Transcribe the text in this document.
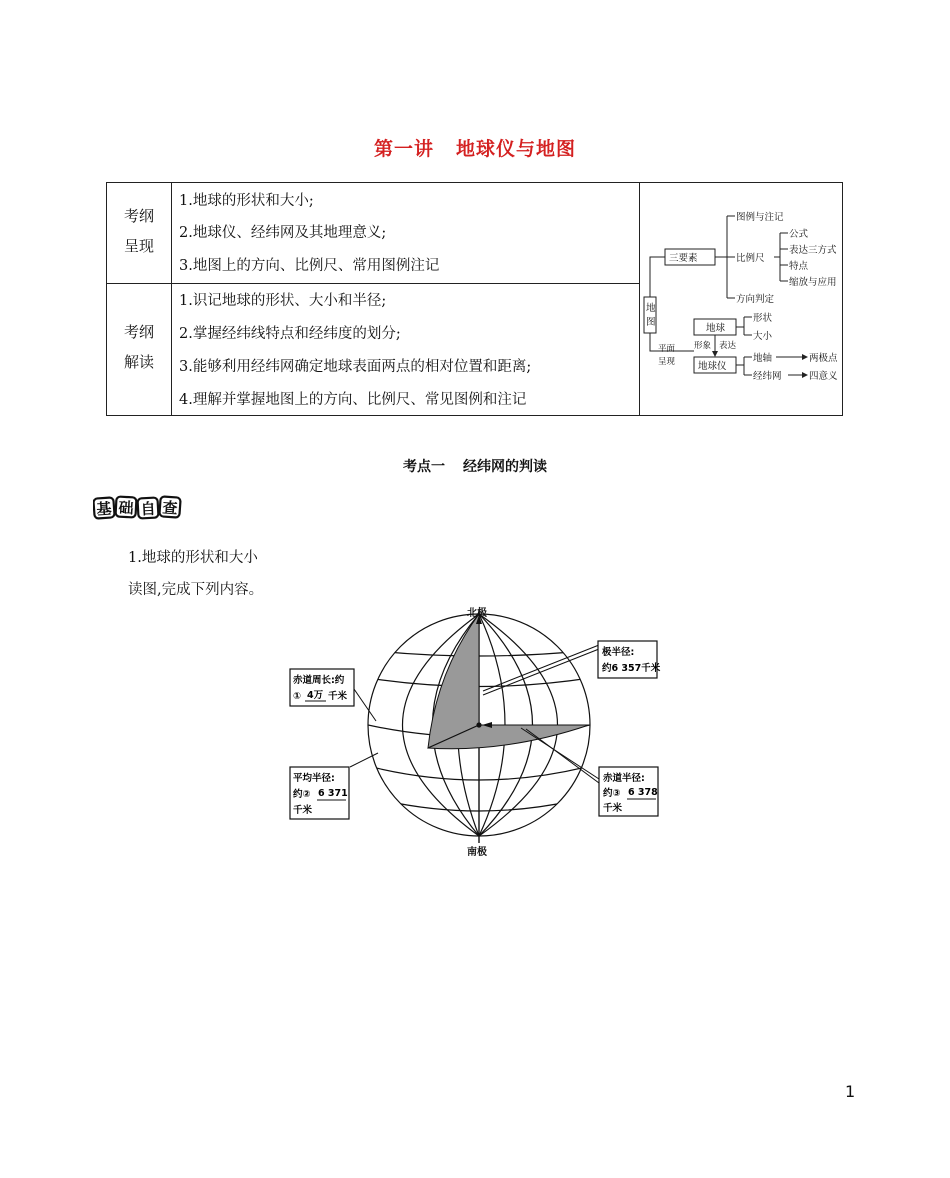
第一讲 地球仪与地图
考纲
呈现
1.地球的形状和大小;
2.地球仪、经纬网及其地理意义;
3.地图上的方向、比例尺、常用图例注记
考纲
解读
1.识记地球的形状、大小和半径;
2.掌握经纬线特点和经纬度的划分;
3.能够利用经纬网确定地球表面两点的相对位置和距离;
4.理解并掌握地图上的方向、比例尺、常见图例和注记
地
图
三要素
图例与注记
比例尺
公式
表达三方式
特点
缩放与应用
方向判定
平面
呈现
地球
地球仪
形象 表达
形状
大小
地轴
经纬网
两极点
四意义
考点一 经纬网的判读
基 础 自 查
1.地球的形状和大小
读图,完成下列内容。
北极
南极
极半径:
约6 357千米
赤道周长:约
① 4万 千米
平均半径:
约② 6 371
千米
赤道半径:
约③ 6 378
千米
1
